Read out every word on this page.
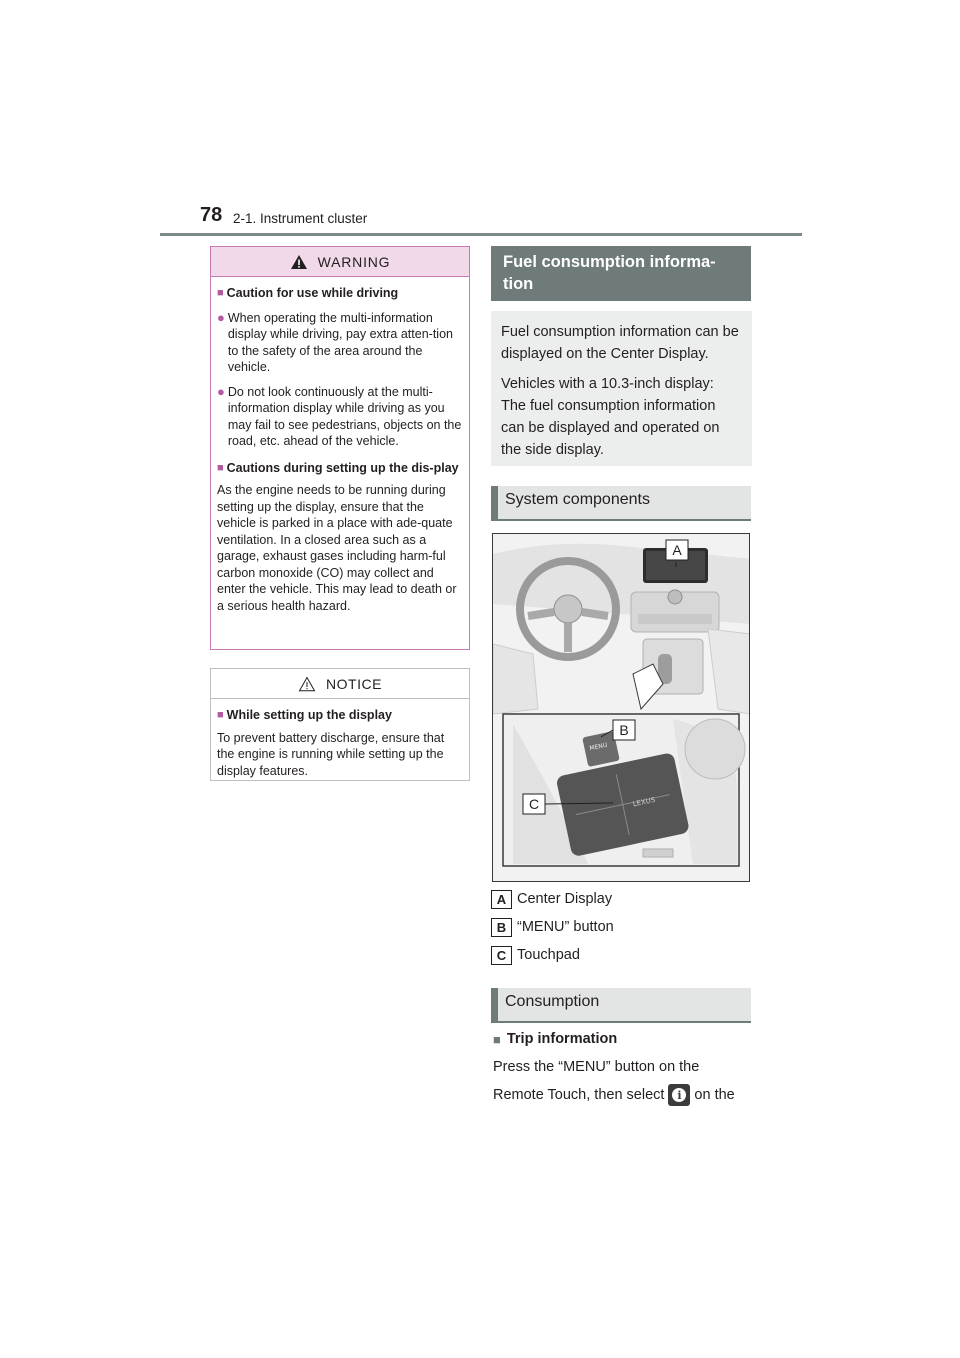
78 2-1. Instrument cluster
WARNING
■ Caution for use while driving
● When operating the multi-information display while driving, pay extra atten-tion to the safety of the area around the vehicle.
● Do not look continuously at the multi-information display while driving as you may fail to see pedestrians, objects on the road, etc. ahead of the vehicle.
■ Cautions during setting up the dis-play

As the engine needs to be running during setting up the display, ensure that the vehicle is parked in a place with ade-quate ventilation. In a closed area such as a garage, exhaust gases including harm-ful carbon monoxide (CO) may collect and enter the vehicle. This may lead to death or a serious health hazard.

NOTICE
■ While setting up the display

To prevent battery discharge, ensure that the engine is running while setting up the display features.

Fuel consumption informa-tion

Fuel consumption information can be displayed on the Center Display.

Vehicles with a 10.3-inch display: The fuel consumption information can be displayed and operated on the side display.

System components
LEXUS
MENU
A
B
C
A Center Display
B “MENU” button
C Touchpad
Consumption
■ Trip information
Press the “MENU” button on the
Remote Touch, then select	i on the
